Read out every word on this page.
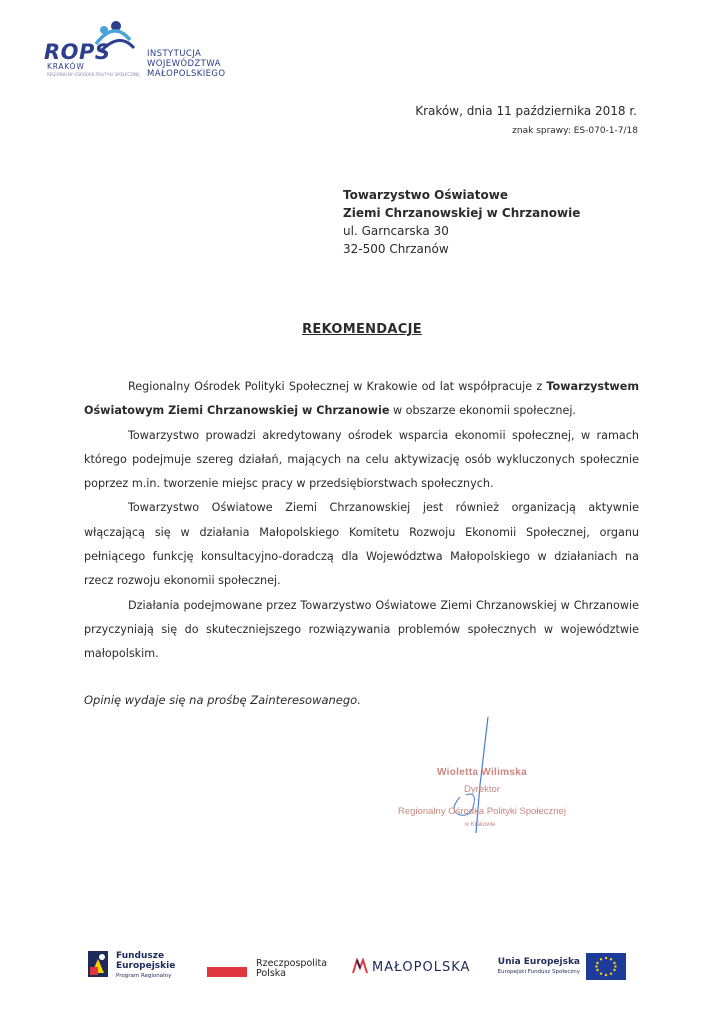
ROPS
KRAKÓW
REGIONALNY OŚRODEK POLITYKI SPOŁECZNEJ
INSTYTUCJA
WOJEWÓDZTWA
MAŁOPOLSKIEGO
Kraków, dnia 11 października 2018 r.
znak sprawy: ES-070-1-7/18
Towarzystwo Oświatowe
Ziemi Chrzanowskiej w Chrzanowie
ul. Garncarska 30
32-500 Chrzanów
REKOMENDACJE

Regionalny Ośrodek Polityki Społecznej w Krakowie od lat współpracuje z Towarzystwem Oświatowym Ziemi Chrzanowskiej w Chrzanowie w obszarze ekonomii społecznej.

Towarzystwo prowadzi akredytowany ośrodek wsparcia ekonomii społecznej, w ramach którego podejmuje szereg działań, mających na celu aktywizację osób wykluczonych społecznie poprzez m.in. tworzenie miejsc pracy w przedsiębiorstwach społecznych.

Towarzystwo Oświatowe Ziemi Chrzanowskiej jest również organizacją aktywnie włączającą się w działania Małopolskiego Komitetu Rozwoju Ekonomii Społecznej, organu pełniącego funkcję konsultacyjno-doradczą dla Województwa Małopolskiego w działaniach na rzecz rozwoju ekonomii społecznej.

Działania podejmowane przez Towarzystwo Oświatowe Ziemi Chrzanowskiej w Chrzanowie przyczyniają się do skuteczniejszego rozwiązywania problemów społecznych w województwie małopolskim.

Opinię wydaje się na prośbę Zainteresowanego.
Wioletta Wilimska
Dyrektor
Regionalny Ośrodka Polityki Społecznej
w Krakowie
Fundusze
Europejskie
Program Regionalny
Rzeczpospolita
Polska	MAŁOPOLSKA	Unia Europejska
Europejski Fundusz Społeczny
